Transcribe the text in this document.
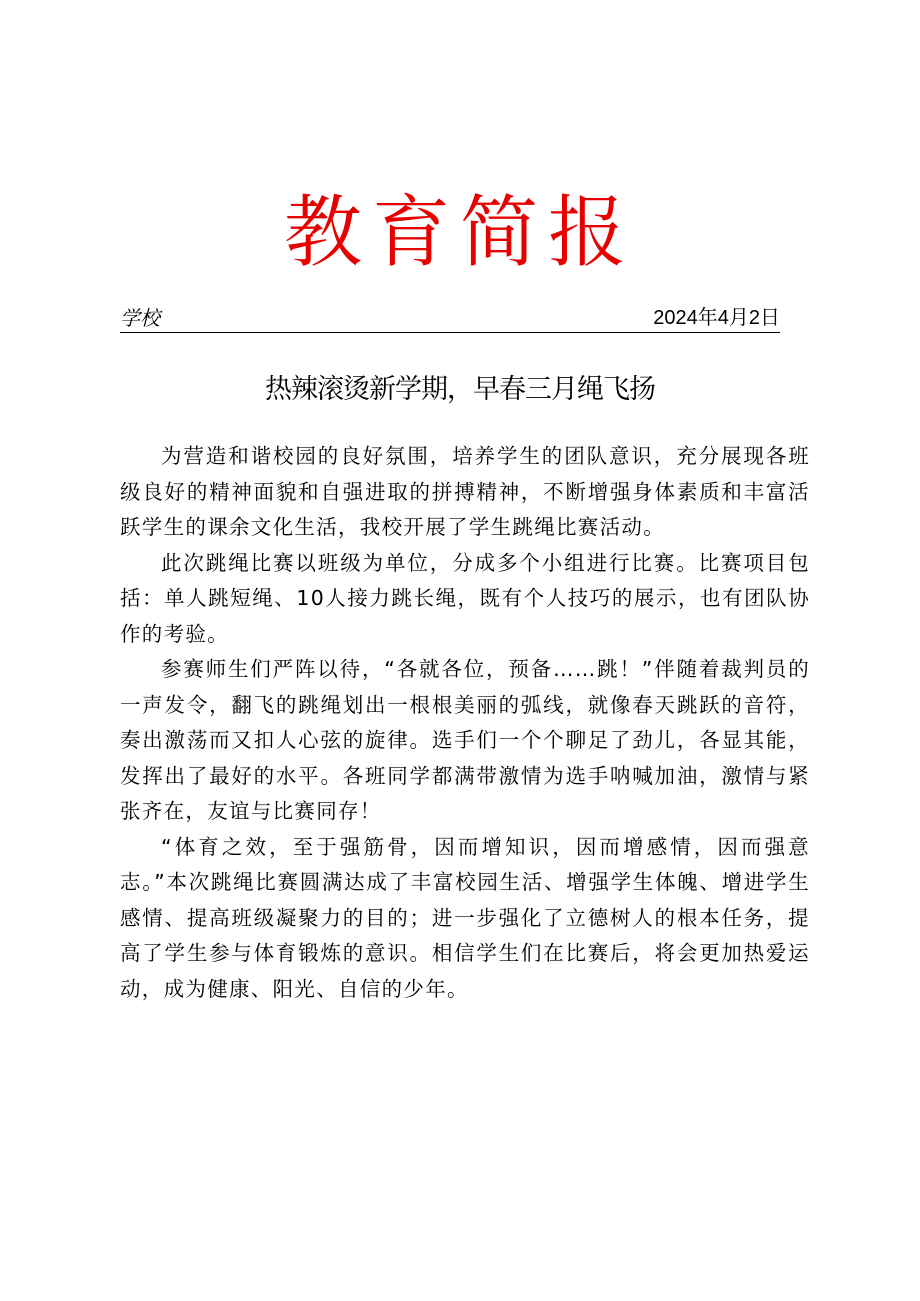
教育简报
学校	2024年4月2日
热辣滚烫新学期，早春三月绳飞扬

为营造和谐校园的良好氛围，培养学生的团队意识，充分展现各班级良好的精神面貌和自强进取的拼搏精神，不断增强身体素质和丰富活跃学生的课余文化生活，我校开展了学生跳绳比赛活动。

此次跳绳比赛以班级为单位，分成多个小组进行比赛。比赛项目包括：单人跳短绳、10人接力跳长绳，既有个人技巧的展示，也有团队协作的考验。

参赛师生们严阵以待，“各就各位，预备……跳！”伴随着裁判员的一声发令，翻飞的跳绳划出一根根美丽的弧线，就像春天跳跃的音符，奏出激荡而又扣人心弦的旋律。选手们一个个聊足了劲儿，各显其能，发挥出了最好的水平。各班同学都满带激情为选手呐喊加油，激情与紧张齐在，友谊与比赛同存！

“体育之效，至于强筋骨，因而增知识，因而增感情，因而强意志。”本次跳绳比赛圆满达成了丰富校园生活、增强学生体魄、增进学生感情、提高班级凝聚力的目的；进一步强化了立德树人的根本任务，提高了学生参与体育锻炼的意识。相信学生们在比赛后，将会更加热爱运动，成为健康、阳光、自信的少年。
